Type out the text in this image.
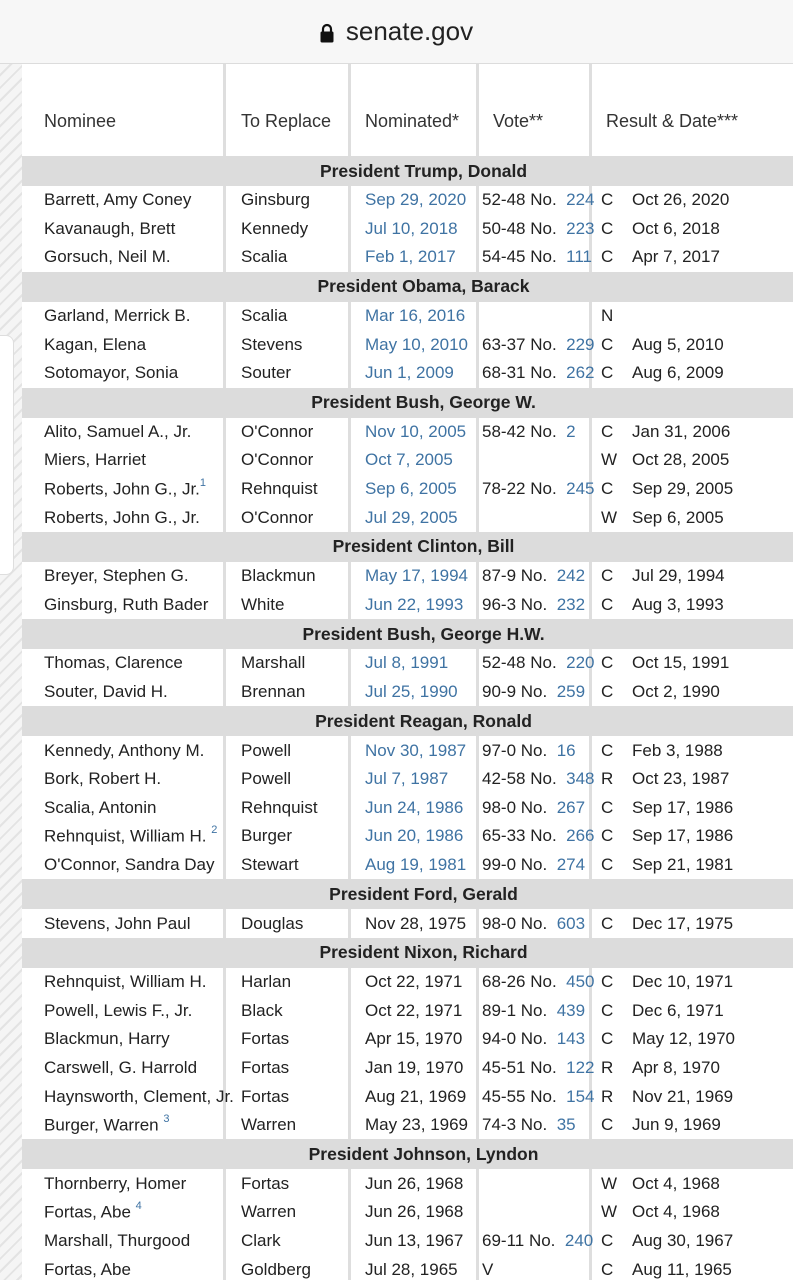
senate.gov
Nominee		To Replace		Nominated*		Vote**		Result & Date***	
President Trump, Donald									
Barrett, Amy Coney		Ginsburg		Sep 29, 2020		52-48 No. 224		C	Oct 26, 2020
Kavanaugh, Brett		Kennedy		Jul 10, 2018		50-48 No. 223		C	Oct 6, 2018
Gorsuch, Neil M.		Scalia		Feb 1, 2017		54-45 No. 111		C	Apr 7, 2017
President Obama, Barack									
Garland, Merrick B.		Scalia		Mar 16, 2016				N	
Kagan, Elena		Stevens		May 10, 2010		63-37 No. 229		C	Aug 5, 2010
Sotomayor, Sonia		Souter		Jun 1, 2009		68-31 No. 262		C	Aug 6, 2009
President Bush, George W.									
Alito, Samuel A., Jr.		O'Connor		Nov 10, 2005		58-42 No. 2		C	Jan 31, 2006
Miers, Harriet		O'Connor		Oct 7, 2005				W	Oct 28, 2005
Roberts, John G., Jr.$^1$		Rehnquist		Sep 6, 2005		78-22 No. 245		C	Sep 29, 2005
Roberts, John G., Jr.		O'Connor		Jul 29, 2005				W	Sep 6, 2005
President Clinton, Bill									
Breyer, Stephen G.		Blackmun		May 17, 1994		87-9 No. 242		C	Jul 29, 1994
Ginsburg, Ruth Bader		White		Jun 22, 1993		96-3 No. 232		C	Aug 3, 1993
President Bush, George H.W.									
Thomas, Clarence		Marshall		Jul 8, 1991		52-48 No. 220		C	Oct 15, 1991
Souter, David H.		Brennan		Jul 25, 1990		90-9 No. 259		C	Oct 2, 1990
President Reagan, Ronald									
Kennedy, Anthony M.		Powell		Nov 30, 1987		97-0 No. 16		C	Feb 3, 1988
Bork, Robert H.		Powell		Jul 7, 1987		42-58 No. 348		R	Oct 23, 1987
Scalia, Antonin		Rehnquist		Jun 24, 1986		98-0 No. 267		C	Sep 17, 1986
Rehnquist, William H. $^2$		Burger		Jun 20, 1986		65-33 No. 266		C	Sep 17, 1986
O'Connor, Sandra Day		Stewart		Aug 19, 1981		99-0 No. 274		C	Sep 21, 1981
President Ford, Gerald									
Stevens, John Paul		Douglas		Nov 28, 1975		98-0 No. 603		C	Dec 17, 1975
President Nixon, Richard									
Rehnquist, William H.		Harlan		Oct 22, 1971		68-26 No. 450		C	Dec 10, 1971
Powell, Lewis F., Jr.		Black		Oct 22, 1971		89-1 No. 439		C	Dec 6, 1971
Blackmun, Harry		Fortas		Apr 15, 1970		94-0 No. 143		C	May 12, 1970
Carswell, G. Harrold		Fortas		Jan 19, 1970		45-51 No. 122		R	Apr 8, 1970
Haynsworth, Clement, Jr.		Fortas		Aug 21, 1969		45-55 No. 154		R	Nov 21, 1969
Burger, Warren $^3$		Warren		May 23, 1969		74-3 No. 35		C	Jun 9, 1969
President Johnson, Lyndon									
Thornberry, Homer		Fortas		Jun 26, 1968				W	Oct 4, 1968
Fortas, Abe $^4$		Warren		Jun 26, 1968				W	Oct 4, 1968
Marshall, Thurgood		Clark		Jun 13, 1967		69-11 No. 240		C	Aug 30, 1967
Fortas, Abe		Goldberg		Jul 28, 1965		V		C	Aug 11, 1965
